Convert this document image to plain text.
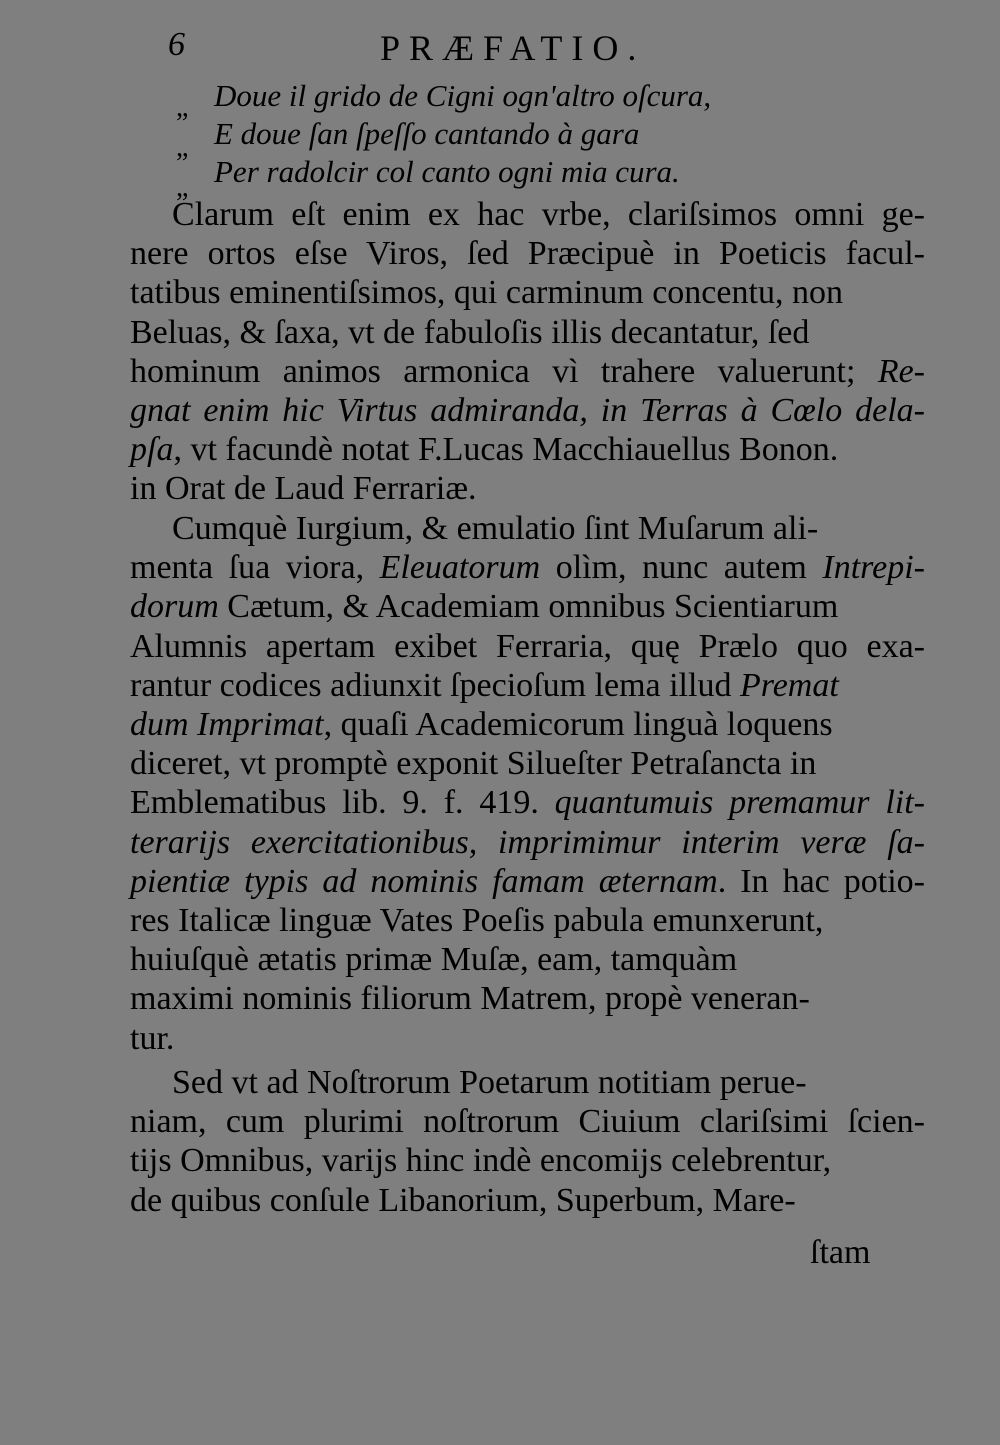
6	PRÆFATIO.
„ Doue il grido de Cigni ogn'altro oſcura,
„ E doue ſan ſpeſſo cantando à gara
„ Per radolcir col canto ogni mia cura.
Clarum eſt enim ex hac vrbe, clariſsimos omni ge-
nere ortos eſse Viros, ſed Præcipuè in Poeticis facul-
tatibus eminentiſsimos, qui carminum concentu, non
Beluas, & ſaxa, vt de fabuloſis illis decantatur, ſed
hominum animos armonica vì trahere valuerunt; Re-
gnat enim hic Virtus admiranda, in Terras à Cœlo dela-
pſa, vt facundè notat F.Lucas Macchiauellus Bonon.
in Orat de Laud Ferrariæ.
Cumquè Iurgium, & emulatio ſint Muſarum ali-
menta ſua viora, Eleuatorum olìm, nunc autem Intrepi-
dorum Cætum, & Academiam omnibus Scientiarum
Alumnis apertam exibet Ferraria, quę Prælo quo exa-
rantur codices adiunxit ſpecioſum lema illud Premat
dum Imprimat, quaſi Academicorum linguà loquens
diceret, vt promptè exponit Silueſter Petraſancta in
Emblematibus lib. 9. f. 419. quantumuis premamur lit-
terarijs exercitationibus, imprimimur interim veræ ſa-
pientiæ typis ad nominis famam æternam. In hac potio-
res Italicæ linguæ Vates Poeſis pabula emunxerunt,
huiuſquè ætatis primæ Muſæ, eam, tamquàm
maximi nominis filiorum Matrem, propè veneran-
tur.
Sed vt ad Noſtrorum Poetarum notitiam perue-
niam, cum plurimi noſtrorum Ciuium clariſsimi ſcien-
tijs Omnibus, varijs hinc indè encomijs celebrentur,
de quibus conſule Libanorium, Superbum, Mare-
ſtam
